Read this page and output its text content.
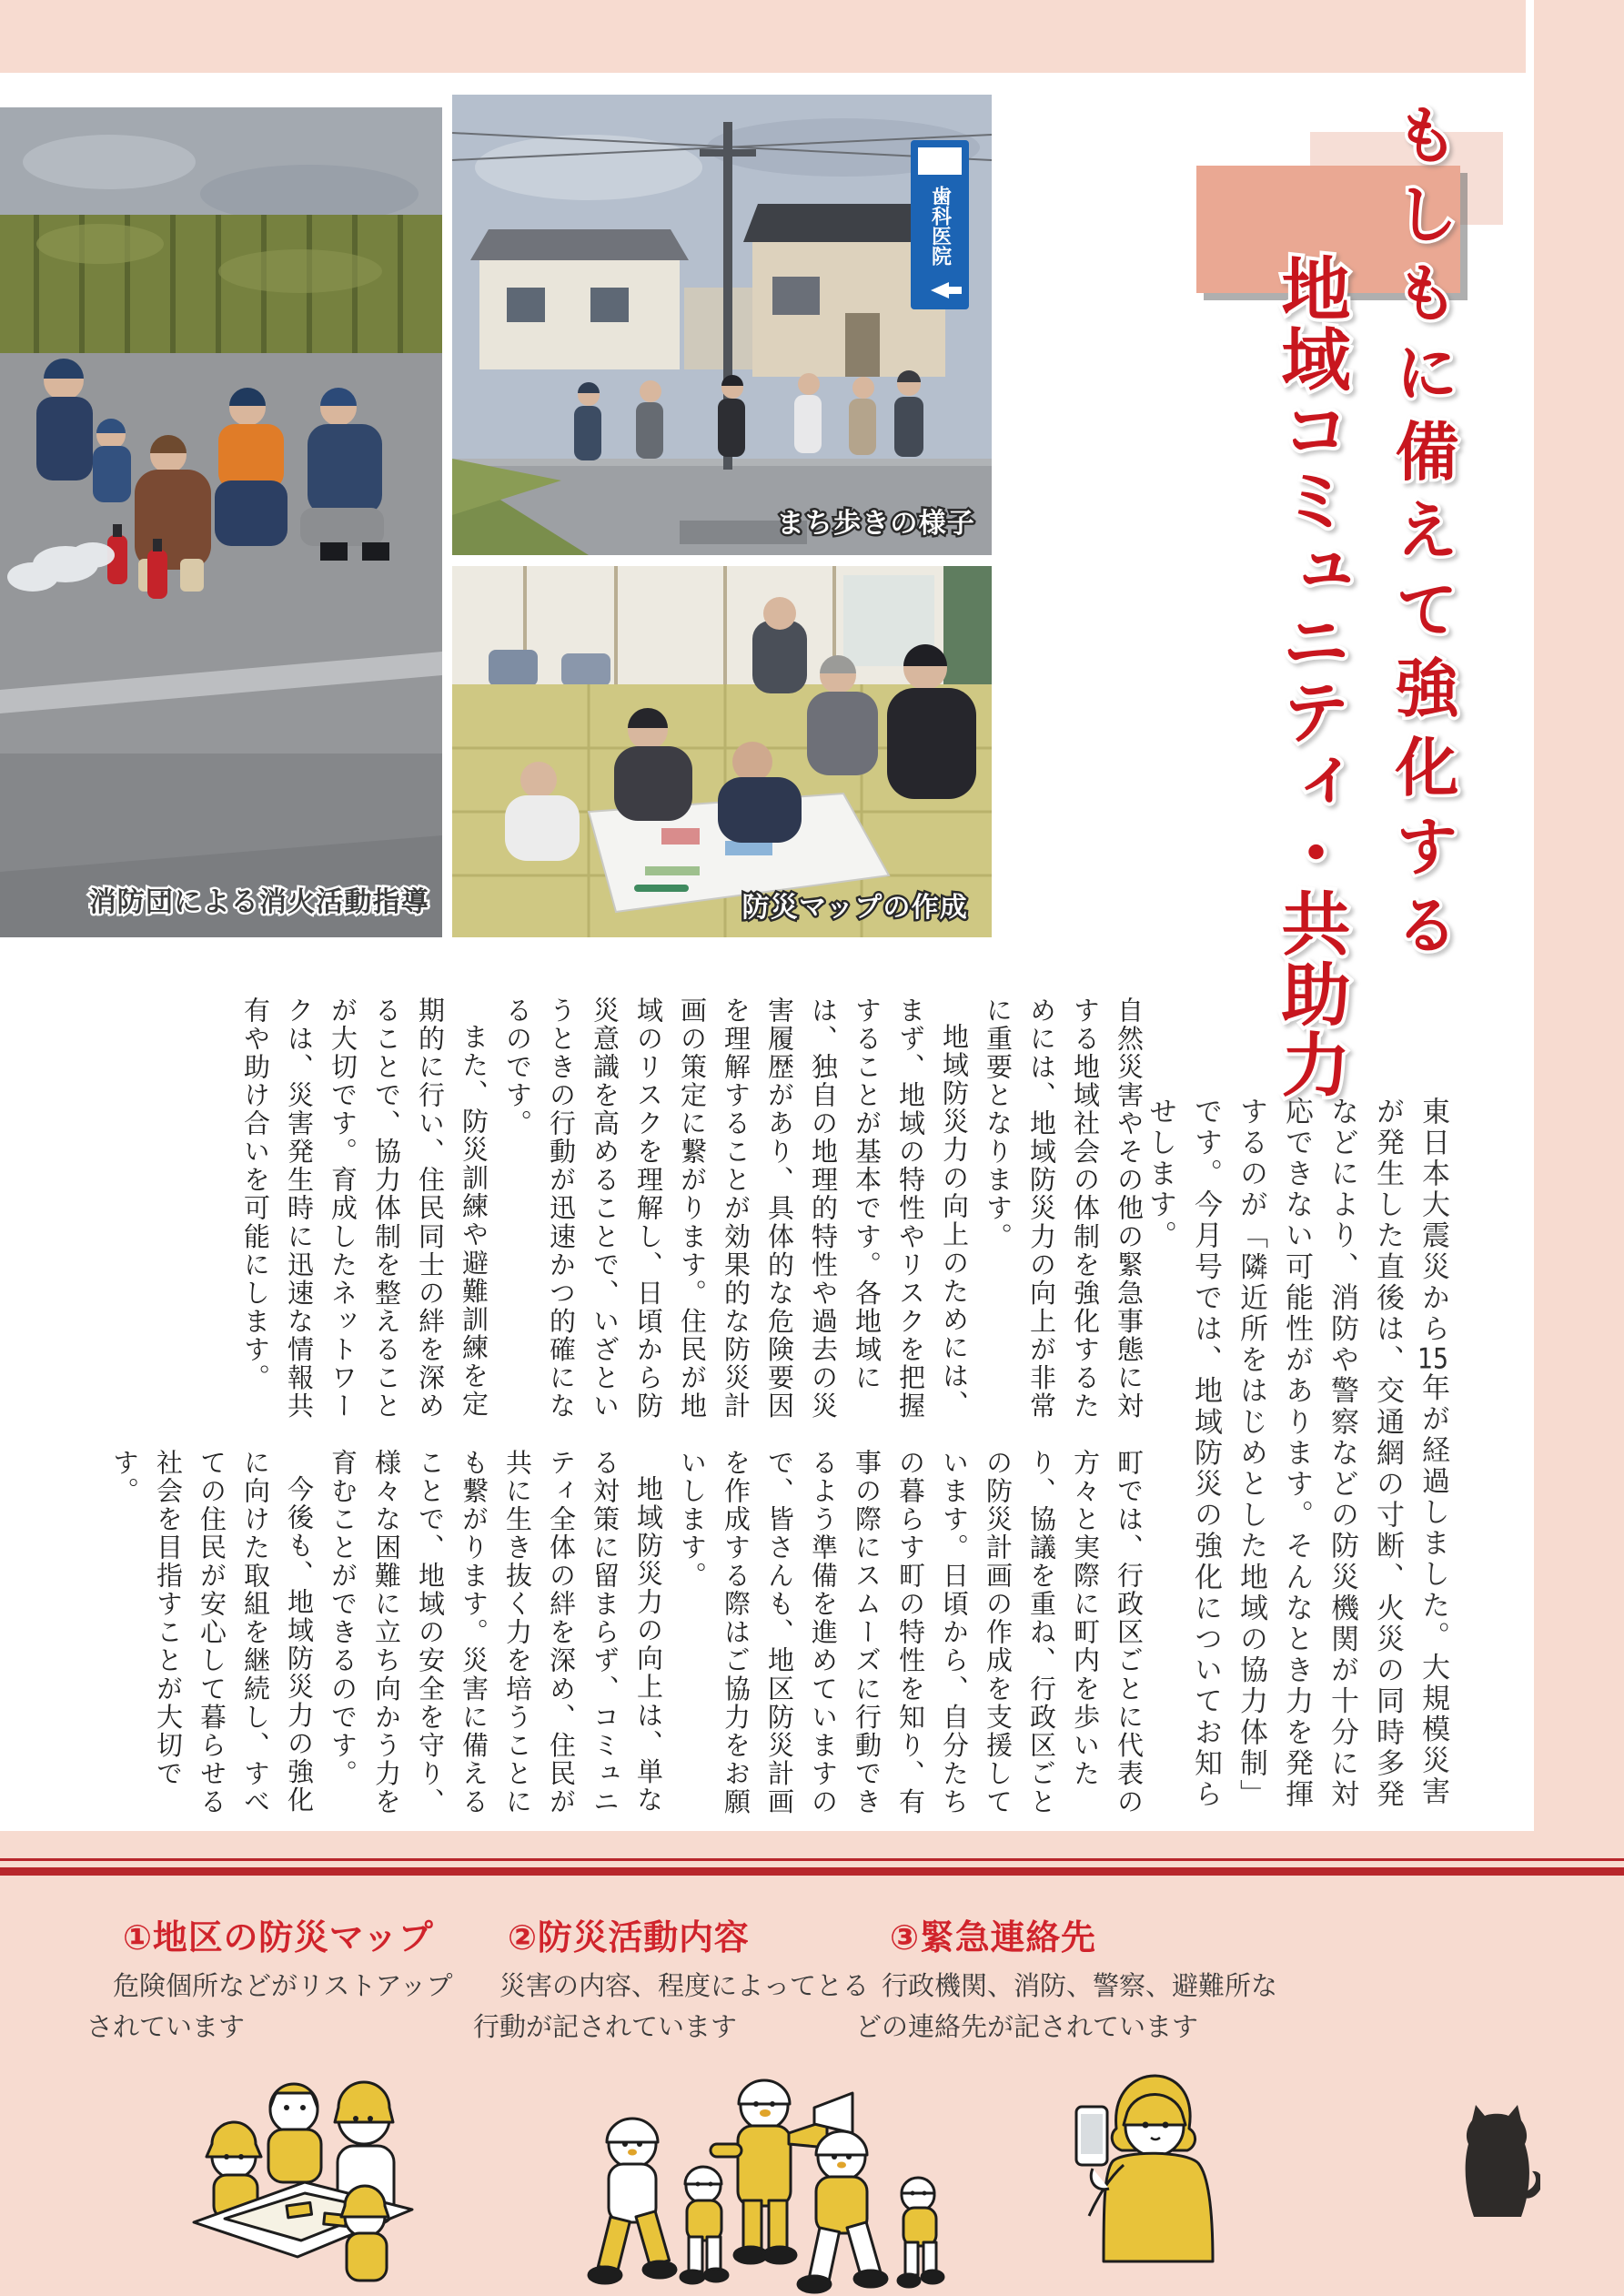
もしもに備えて強化する
地域コミュニティ・共助力
消防団による消火活動指導
歯科医院
まち歩きの様子
防災マップの作成
東日本大震災から15年が経過しました。大規模災害が発生した直後は、交通網の寸断、火災の同時多発などにより、消防や警察などの防災機関が十分に対応できない可能性があります。そんなとき力を発揮するのが「隣近所をはじめとした地域の協力体制」です。今月号では、地域防災の強化についてお知らせします。

自然災害やその他の緊急事態に対する地域社会の体制を強化するためには、地域防災力の向上が非常に重要となります。

地域防災力の向上のためには、まず、地域の特性やリスクを把握することが基本です。各地域には、独自の地理的特性や過去の災害履歴があり、具体的な危険要因を理解することが効果的な防災計画の策定に繋がります。住民が地域のリスクを理解し、日頃から防災意識を高めることで、いざというときの行動が迅速かつ的確になるのです。

また、防災訓練や避難訓練を定期的に行い、住民同士の絆を深めることで、協力体制を整えることが大切です。育成したネットワークは、災害発生時に迅速な情報共有や助け合いを可能にします。

町では、行政区ごとに代表の方々と実際に町内を歩いたり、協議を重ね、行政区ごとの防災計画の作成を支援しています。日頃から、自分たちの暮らす町の特性を知り、有事の際にスムーズに行動できるよう準備を進めていますので、皆さんも、地区防災計画を作成する際はご協力をお願いします。

地域防災力の向上は、単なる対策に留まらず、コミュニティ全体の絆を深め、住民が共に生き抜く力を培うことにも繋がります。災害に備えることで、地域の安全を守り、様々な困難に立ち向かう力を育むことができるのです。

今後も、地域防災力の強化に向けた取組を継続し、すべての住民が安心して暮らせる社会を目指すことが大切です。

①地区の防災マップ
危険個所などがリストアップされています
②防災活動内容
災害の内容、程度によってとる行動が記されています
③緊急連絡先
行政機関、消防、警察、避難所などの連絡先が記されています
